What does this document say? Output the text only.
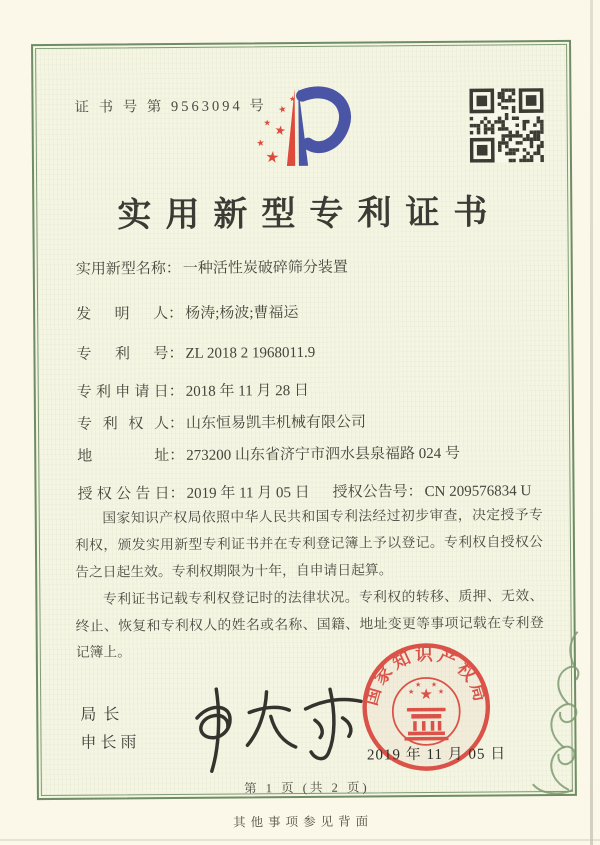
证 书 号 第 9563094 号	★
★
★ ★
★
★
实用新型专利证书
实用新型名称： 一种活性炭破碎筛分装置
发明人： 杨涛;杨波;曹福运
专利号： ZL 2018 2 1968011.9
专利申请日： 2018 年 11 月 28 日
专利权人： 山东恒易凯丰机械有限公司
地址： 273200 山东省济宁市泗水县泉福路 024 号
授权公告日： 2019 年 11 月 05 日 授权公告号： CN 209576834 U

国家知识产权局依照中华人民共和国专利法经过初步审查，决定授予专利权，颁发实用新型专利证书并在专利登记簿上予以登记。专利权自授权公告之日起生效。专利权期限为十年，自申请日起算。

专利证书记载专利权登记时的法律状况。专利权的转移、质押、无效、终止、恢复和专利权人的姓名或名称、国籍、地址变更等事项记载在专利登记簿上。

局长
申长雨
国家知识产权局
★
★
★ ★
★
2019 年 11 月 05 日
第 1 页 (共 2 页)
其他事项参见背面
